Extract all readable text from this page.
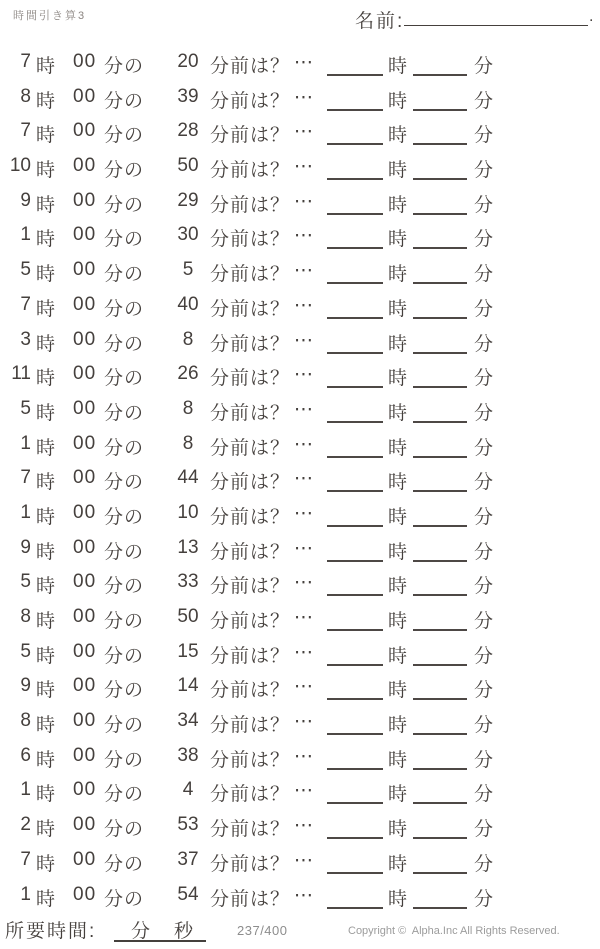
時間引き算3	名前:	.
7 時 00 分の	20 分前は？ ⋯	時	分
8 時 00 分の	39 分前は？ ⋯	時	分
7 時 00 分の	28 分前は？ ⋯	時	分
10 時 00 分の	50 分前は？ ⋯	時	分
9 時 00 分の	29 分前は？ ⋯	時	分
1 時 00 分の	30 分前は？ ⋯	時	分
5 時 00 分の	5 分前は？ ⋯	時	分
7 時 00 分の	40 分前は？ ⋯	時	分
3 時 00 分の	8 分前は？ ⋯	時	分
11 時 00 分の	26 分前は？ ⋯	時	分
5 時 00 分の	8 分前は？ ⋯	時	分
1 時 00 分の	8 分前は？ ⋯	時	分
7 時 00 分の	44 分前は？ ⋯	時	分
1 時 00 分の	10 分前は？ ⋯	時	分
9 時 00 分の	13 分前は？ ⋯	時	分
5 時 00 分の	33 分前は？ ⋯	時	分
8 時 00 分の	50 分前は？ ⋯	時	分
5 時 00 分の	15 分前は？ ⋯	時	分
9 時 00 分の	14 分前は？ ⋯	時	分
8 時 00 分の	34 分前は？ ⋯	時	分
6 時 00 分の	38 分前は？ ⋯	時	分
1 時 00 分の	4 分前は？ ⋯	時	分
2 時 00 分の	53 分前は？ ⋯	時	分
7 時 00 分の	37 分前は？ ⋯	時	分
1 時 00 分の	54 分前は？ ⋯	時	分
所要時間: 分 秒	237/400	Copyright ©  Alpha.Inc All Rights Reserved.
